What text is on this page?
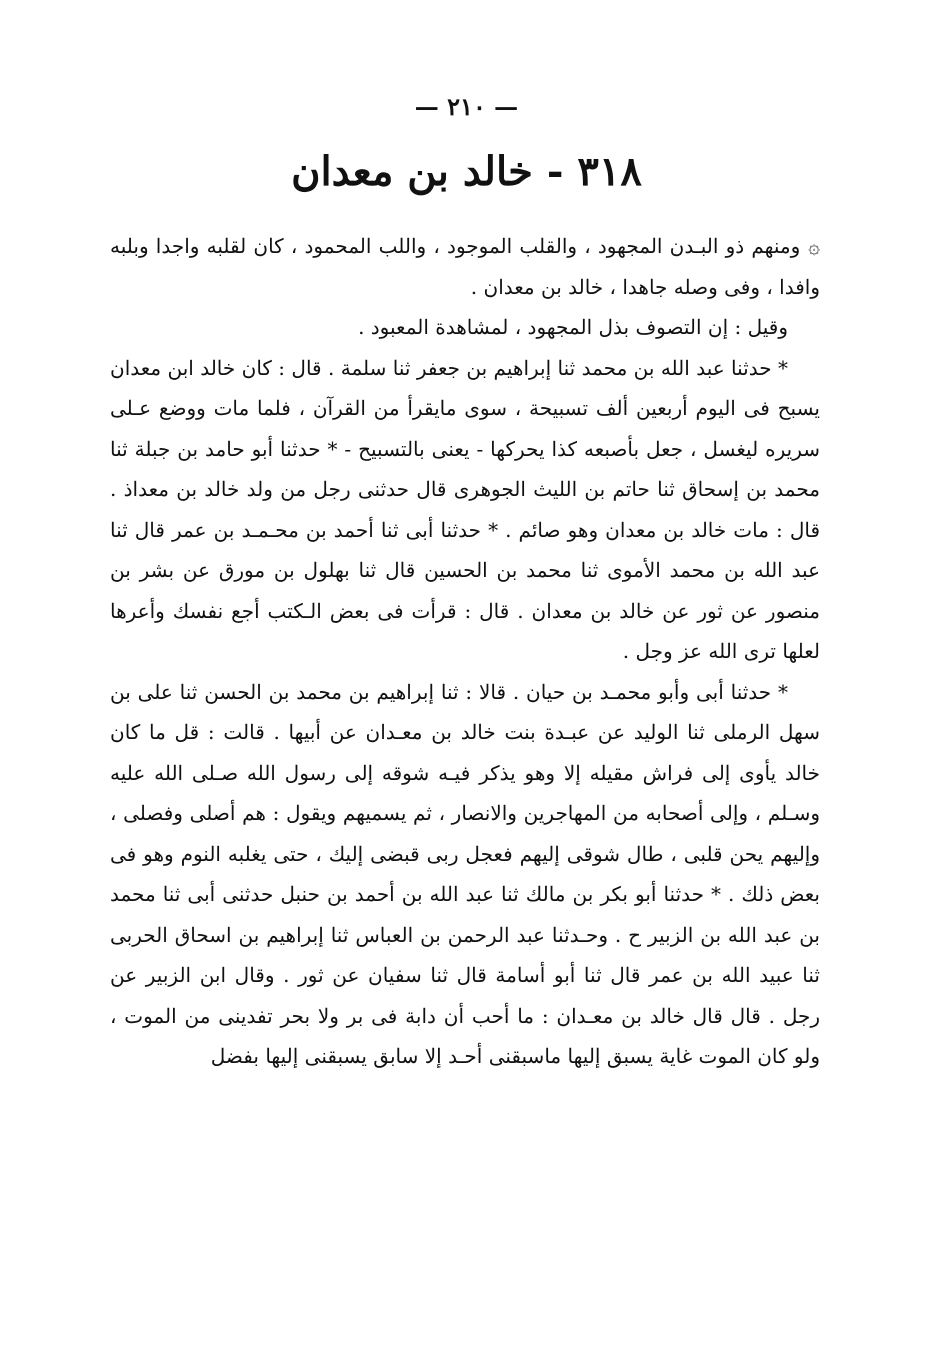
— ٢١٠ —
٣١٨ - خالد بن معدان

۞ومنهم ذو البـدن المجهود ، والقلب الموجود ، واللب المحمود ، كان لقلبه واجدا وبلبه وافدا ، وفى وصله جاهدا ، خالد بن معدان .

وقيل : إن التصوف بذل المجهود ، لمشاهدة المعبود .

* حدثنا عبد الله بن محمد ثنا إبراهيم بن جعفر ثنا سلمة . قال : كان خالد ابن معدان يسبح فى اليوم أربعين ألف تسبيحة ، سوى مايقرأ من القرآن ، فلما مات ووضع عـلى سريره ليغسل ، جعل بأصبعه كذا يحركها - يعنى بالتسبيح - * حدثنا أبو حامد بن جبلة ثنا محمد بن إسحاق ثنا حاتم بن الليث الجوهرى قال حدثنى رجل من ولد خالد بن معداذ . قال : مات خالد بن معدان وهو صائم . * حدثنا أبى ثنا أحمد بن محـمـد بن عمر قال ثنا عبد الله بن محمد الأموى ثنا محمد بن الحسين قال ثنا بهلول بن مورق عن بشر بن منصور عن ثور عن خالد بن معدان . قال : قرأت فى بعض الـكتب أجع نفسك وأعرها لعلها ترى الله عز وجل .

* حدثنا أبى وأبو محمـد بن حيان . قالا : ثنا إبراهيم بن محمد بن الحسن ثنا على بن سهل الرملى ثنا الوليد عن عبـدة بنت خالد بن معـدان عن أبيها . قالت : قل ما كان خالد يأوى إلى فراش مقيله إلا وهو يذكر فيـه شوقه إلى رسول الله صـلى الله عليه وسـلم ، وإلى أصحابه من المهاجرين والانصار ، ثم يسميهم ويقول : هم أصلى وفصلى ، وإليهم يحن قلبى ، طال شوقى إليهم فعجل ربى قبضى إليك ، حتى يغلبه النوم وهو فى بعض ذلك . * حدثنا أبو بكر بن مالك ثنا عبد الله بن أحمد بن حنبل حدثنى أبى ثنا محمد بن عبد الله بن الزبير ح . وحـدثنا عبد الرحمن بن العباس ثنا إبراهيم بن اسحاق الحربى ثنا عبيد الله بن عمر قال ثنا أبو أسامة قال ثنا سفيان عن ثور . وقال ابن الزبير عن رجل . قال قال خالد بن معـدان : ما أحب أن دابة فى بر ولا بحر تفدينى من الموت ، ولو كان الموت غاية يسبق إليها ماسبقنى أحـد إلا سابق يسبقنى إليها بفضل
